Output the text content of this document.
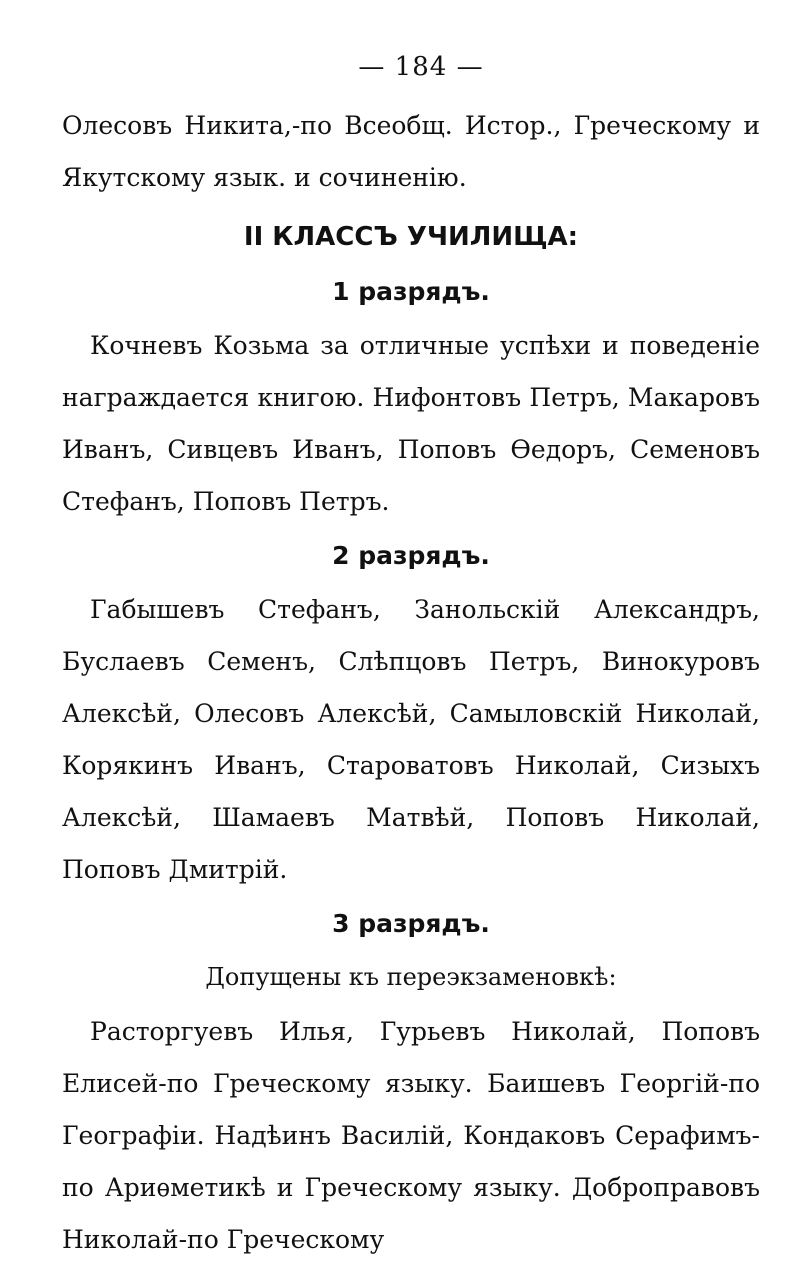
— 184 —

Олесовъ Никита,-по Всеобщ. Истор., Греческому и Якутскому язык. и сочиненію.

II КЛАССЪ УЧИЛИЩА:
1 разрядъ.

Кочневъ Козьма за отличные успѣхи и поведеніе награждается книгою. Нифонтовъ Петръ, Макаровъ Иванъ, Сивцевъ Иванъ, Поповъ Ѳедоръ, Семеновъ Стефанъ, Поповъ Петръ.

2 разрядъ.

Габышевъ Стефанъ, Занольскій Александръ, Буслаевъ Семенъ, Слѣпцовъ Петръ, Винокуровъ Алексѣй, Олесовъ Алексѣй, Самыловскій Николай, Корякинъ Иванъ, Староватовъ Николай, Сизыхъ Алексѣй, Шамаевъ Матвѣй, Поповъ Николай, Поповъ Дмитрій.

3 разрядъ.
Допущены къ переэкзаменовкѣ:

Расторгуевъ Илья, Гурьевъ Николай, Поповъ Елисей-по Греческому языку. Баишевъ Георгій-по Географіи. Надѣинъ Василій, Кондаковъ Серафимъ-по Ариѳметикѣ и Греческому языку. Доброправовъ Николай-по Греческому
